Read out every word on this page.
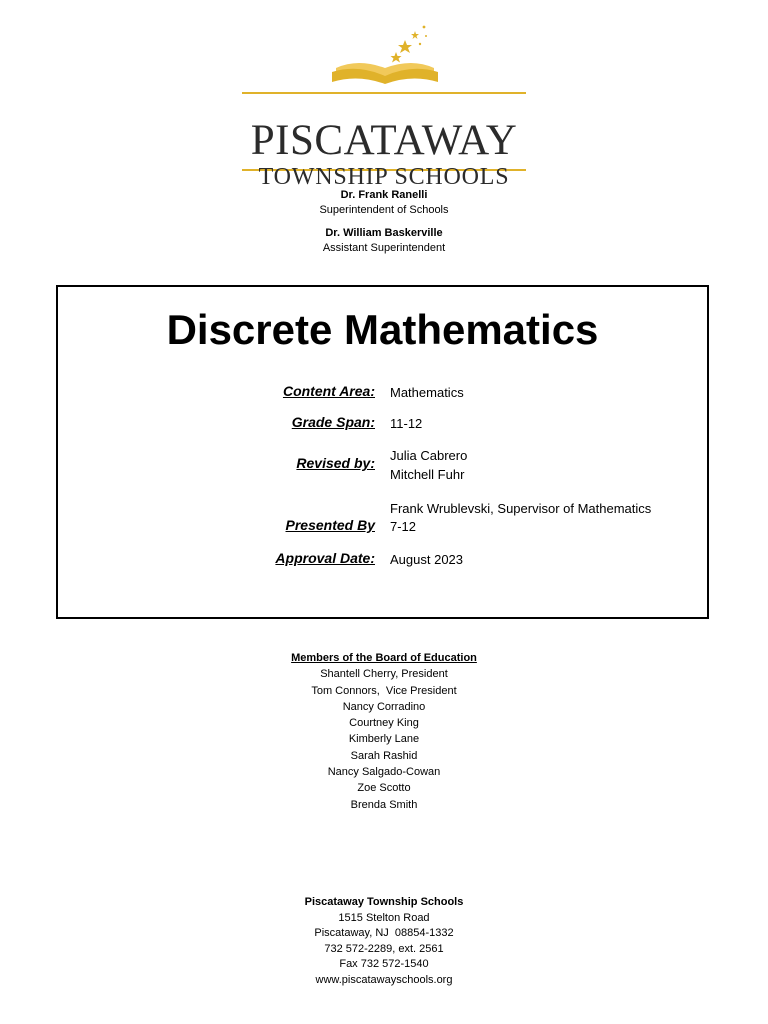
PISCATAWAY
TOWNSHIP SCHOOLS
Dr. Frank Ranelli
Superintendent of Schools
Dr. William Baskerville
Assistant Superintendent
Discrete Mathematics
Content Area: Mathematics
Grade Span: 11-12
Revised by: Julia Cabrero
Mitchell Fuhr
Presented By
Frank Wrublevski, Supervisor of Mathematics
7-12
Approval Date: August 2023
Members of the Board of Education
Shantell Cherry, President
Tom Connors,  Vice President
Nancy Corradino
Courtney King
Kimberly Lane
Sarah Rashid
Nancy Salgado-Cowan
Zoe Scotto
Brenda Smith
Piscataway Township Schools
1515 Stelton Road
Piscataway, NJ  08854-1332
732 572-2289, ext. 2561
Fax 732 572-1540
www.piscatawayschools.org
